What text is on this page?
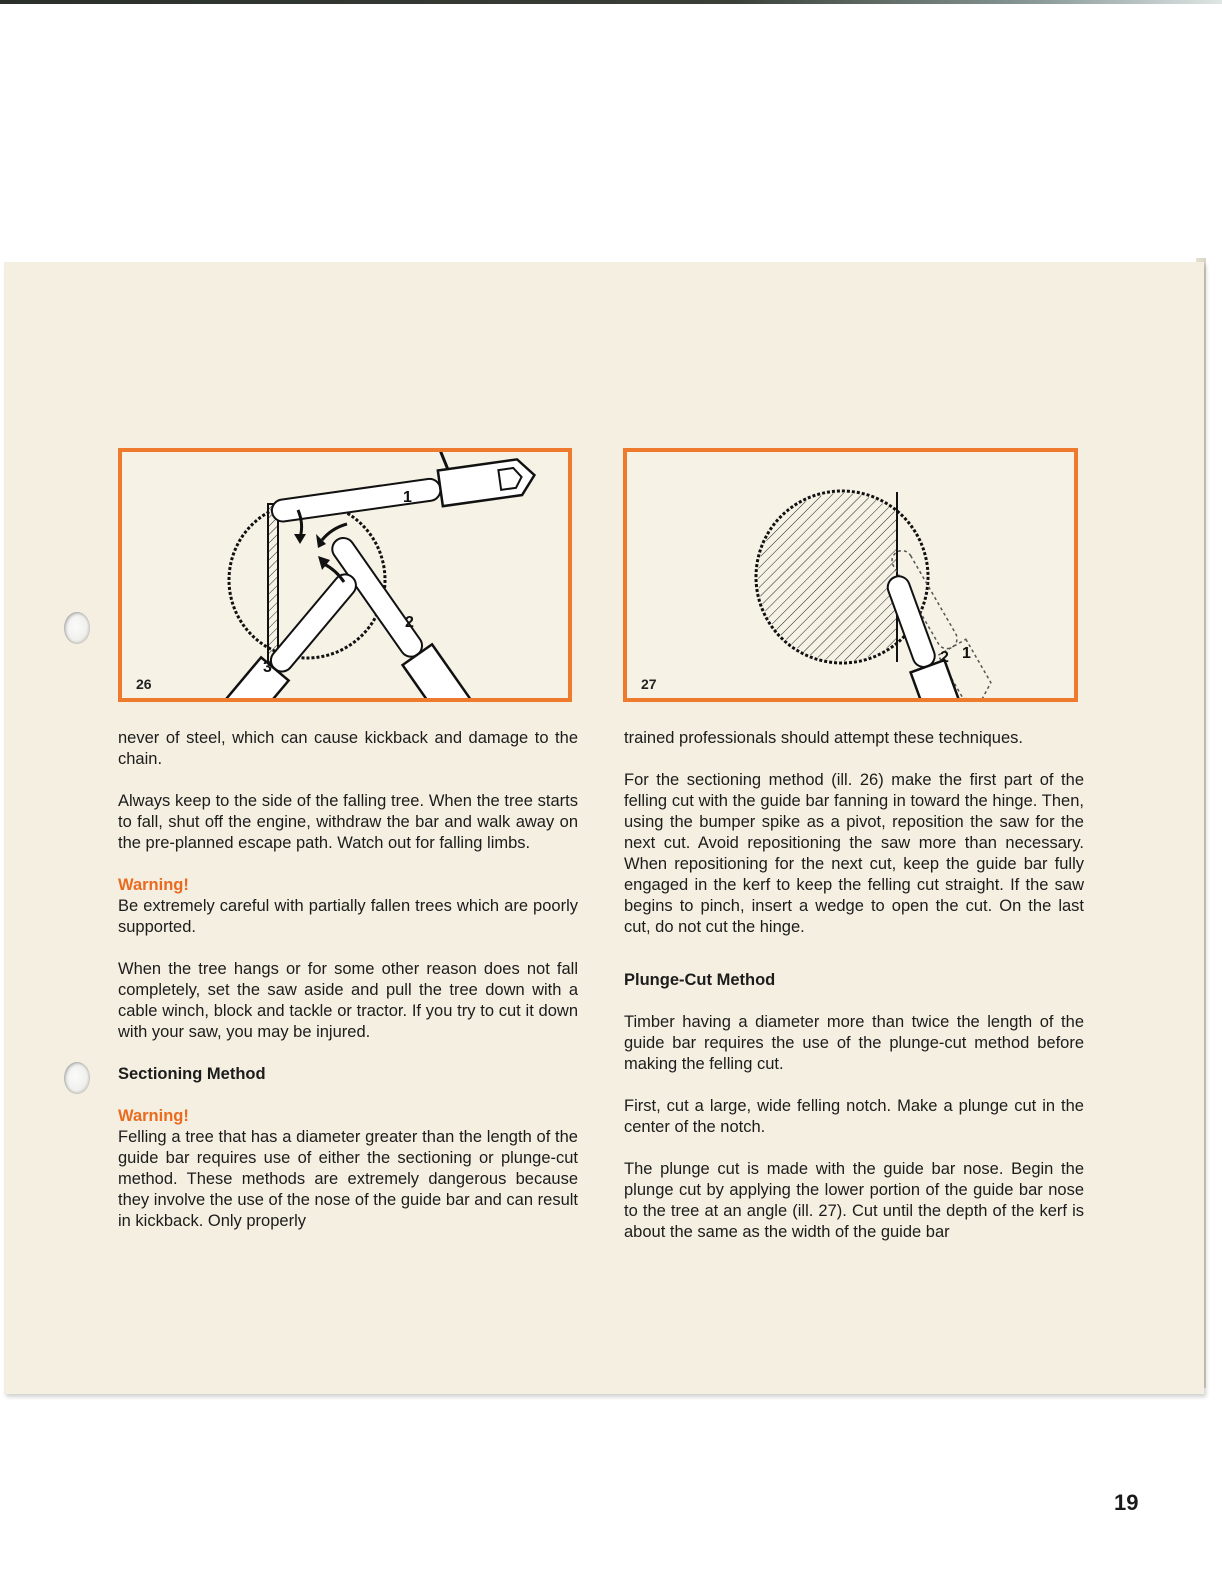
1
2
3
26
2 1
27

never of steel, which can cause kickback and damage to the chain.

Always keep to the side of the falling tree. When the tree starts to fall, shut off the engine, withdraw the bar and walk away on the pre-planned escape path. Watch out for falling limbs.

Warning!

Be extremely careful with partially fallen trees which are poorly supported.

When the tree hangs or for some other reason does not fall completely, set the saw aside and pull the tree down with a cable winch, block and tackle or tractor. If you try to cut it down with your saw, you may be injured.

Sectioning Method

Warning!

Felling a tree that has a diameter greater than the length of the guide bar requires use of either the sectioning or plunge-cut method. These methods are extremely dangerous because they involve the use of the nose of the guide bar and can result in kickback. Only properly

trained professionals should attempt these techniques.

For the sectioning method (ill. 26) make the first part of the felling cut with the guide bar fanning in toward the hinge. Then, using the bumper spike as a pivot, reposition the saw for the next cut. Avoid repositioning the saw more than necessary. When repositioning for the next cut, keep the guide bar fully engaged in the kerf to keep the felling cut straight. If the saw begins to pinch, insert a wedge to open the cut. On the last cut, do not cut the hinge.

Plunge-Cut Method

Timber having a diameter more than twice the length of the guide bar requires the use of the plunge-cut method before making the felling cut.

First, cut a large, wide felling notch. Make a plunge cut in the center of the notch.

The plunge cut is made with the guide bar nose. Begin the plunge cut by applying the lower portion of the guide bar nose to the tree at an angle (ill. 27). Cut until the depth of the kerf is about the same as the width of the guide bar

19
